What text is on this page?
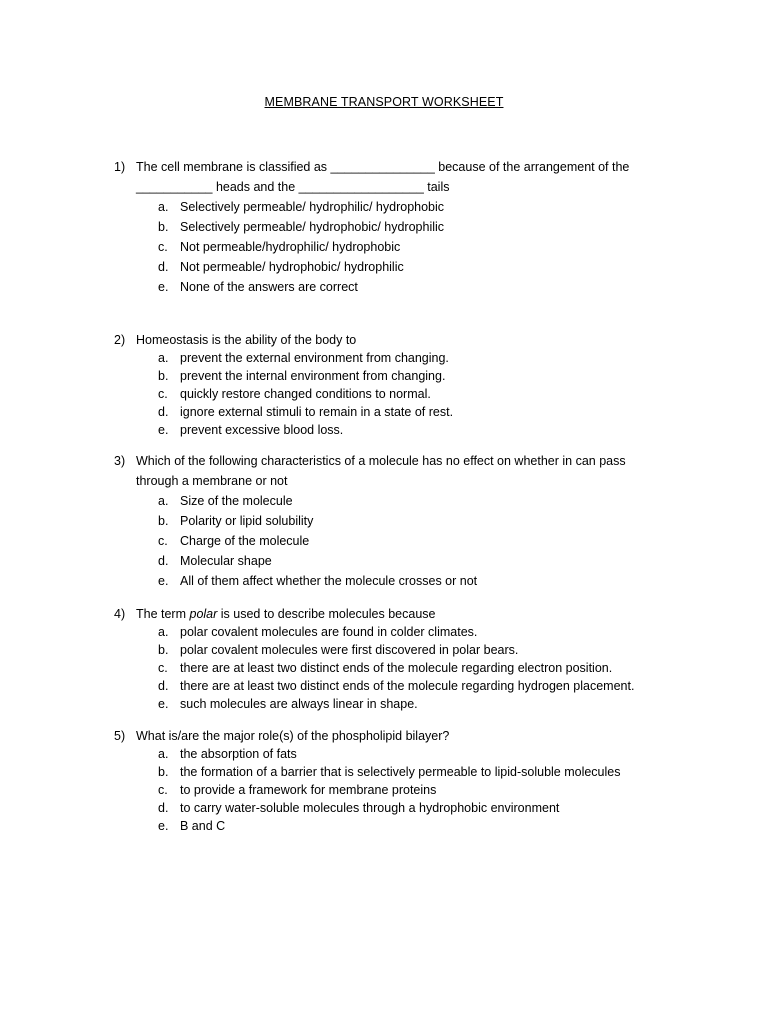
MEMBRANE TRANSPORT WORKSHEET
1) The cell membrane is classified as _______________ because of the arrangement of the
___________ heads and the __________________ tails
a. Selectively permeable/ hydrophilic/ hydrophobic
b. Selectively permeable/ hydrophobic/ hydrophilic
c. Not permeable/hydrophilic/ hydrophobic
d. Not permeable/ hydrophobic/ hydrophilic
e. None of the answers are correct
2) Homeostasis is the ability of the body to
a. prevent the external environment from changing.
b. prevent the internal environment from changing.
c. quickly restore changed conditions to normal.
d. ignore external stimuli to remain in a state of rest.
e. prevent excessive blood loss.
3) Which of the following characteristics of a molecule has no effect on whether in can pass
through a membrane or not
a. Size of the molecule
b. Polarity or lipid solubility
c. Charge of the molecule
d. Molecular shape
e. All of them affect whether the molecule crosses or not
4) The term polar is used to describe molecules because
a. polar covalent molecules are found in colder climates.
b. polar covalent molecules were first discovered in polar bears.
c. there are at least two distinct ends of the molecule regarding electron position.
d. there are at least two distinct ends of the molecule regarding hydrogen placement.
e. such molecules are always linear in shape.
5) What is/are the major role(s) of the phospholipid bilayer?
a. the absorption of fats
b. the formation of a barrier that is selectively permeable to lipid-soluble molecules
c. to provide a framework for membrane proteins
d. to carry water-soluble molecules through a hydrophobic environment
e. B and C
